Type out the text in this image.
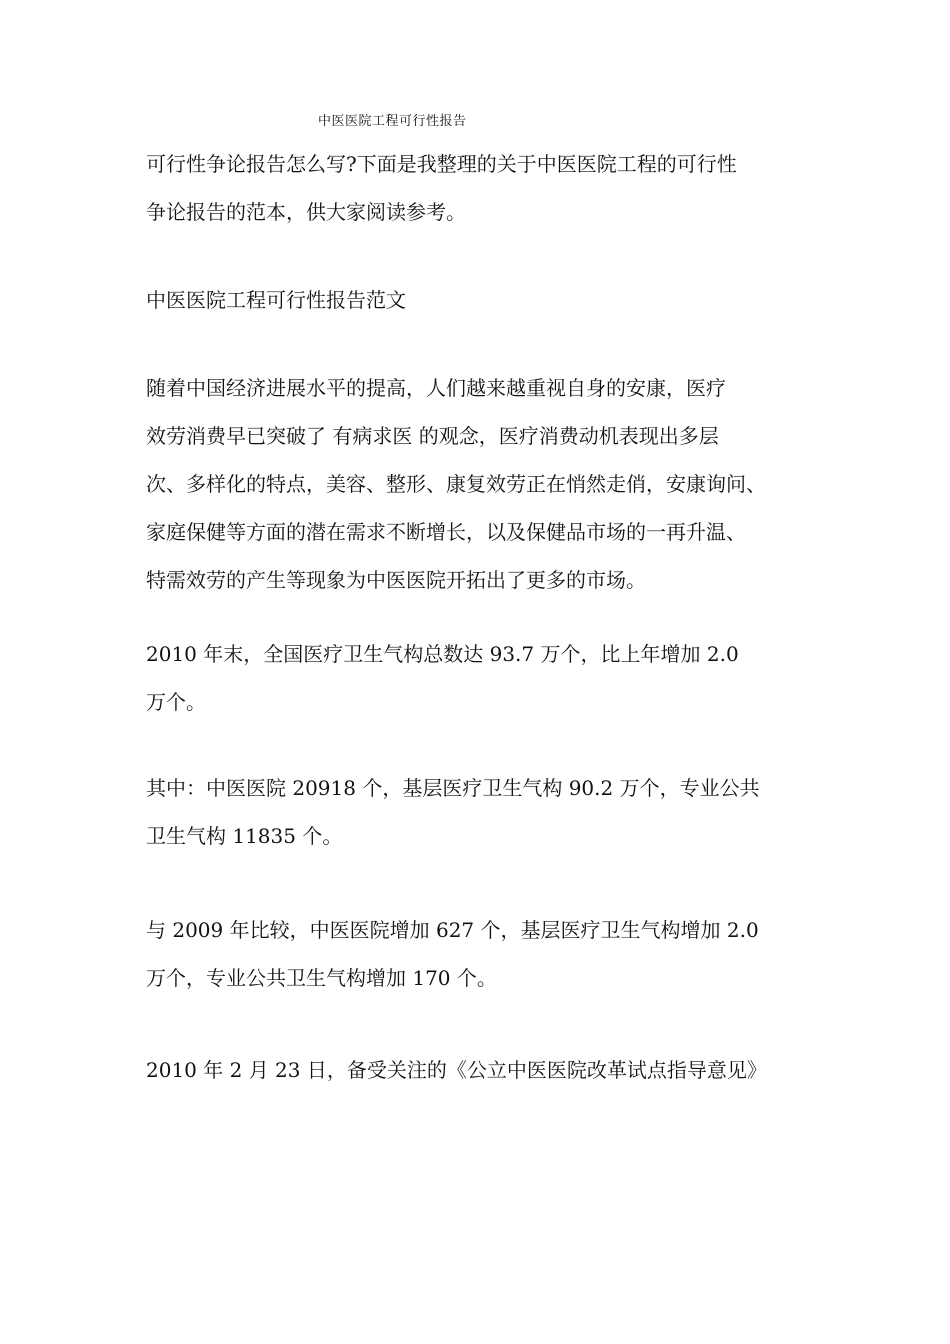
中医医院工程可行性报告
可行性争论报告怎么写?下面是我整理的关于中医医院工程的可行性
争论报告的范本，供大家阅读参考。
中医医院工程可行性报告范文
随着中国经济进展水平的提高，人们越来越重视自身的安康，医疗
效劳消费早已突破了 有病求医 的观念，医疗消费动机表现出多层
次、多样化的特点，美容、整形、康复效劳正在悄然走俏，安康询问、
家庭保健等方面的潜在需求不断增长，以及保健品市场的一再升温、
特需效劳的产生等现象为中医医院开拓出了更多的市场。
2010 年末，全国医疗卫生气构总数达 93.7 万个，比上年增加 2.0
万个。
其中：中医医院 20918 个，基层医疗卫生气构 90.2 万个，专业公共
卫生气构 11835 个。
与 2009 年比较，中医医院增加 627 个，基层医疗卫生气构增加 2.0
万个，专业公共卫生气构增加 170 个。
2010 年 2 月 23 日，备受关注的《公立中医医院改革试点指导意见》
